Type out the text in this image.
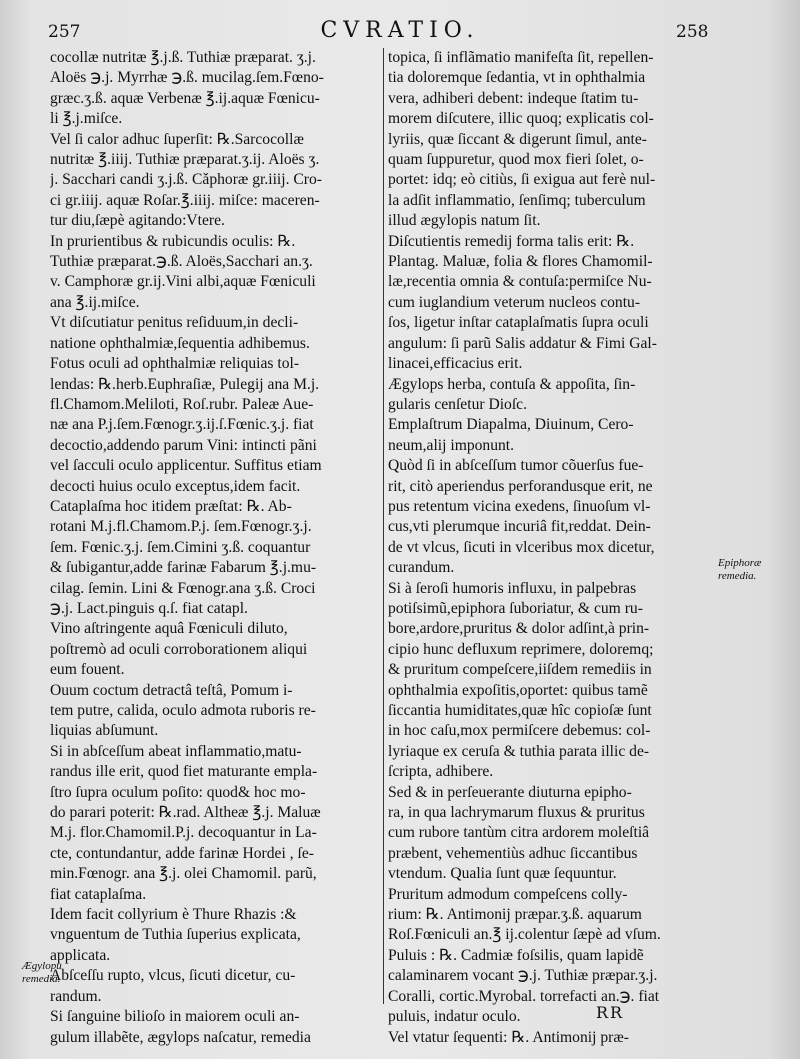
257	CVRATIO.	258
cocollæ nutritæ ℥.j.ß. Tuthiæ præparat. ʒ.j.
Aloës ℈.j. Myrrhæ ℈.ß. mucilag.ſem.Fœno-
græc.ʒ.ß. aquæ Verbenæ ℥.ij.aquæ Fœnicu-
li ℥.j.miſce.
Vel ſi calor adhuc ſuperſit: ℞.Sarcocollæ
nutritæ ℥.iiij. Tuthiæ præparat.ʒ.ij. Aloës ʒ.
j. Sacchari candi ʒ.j.ß. Cǎphoræ gr.iiij. Cro-
ci gr.iiij. aquæ Roſar.℥.iiij. miſce: maceren-
tur diu,ſæpè agitando:Vtere.
In prurientibus & rubicundis oculis: ℞.
Tuthiæ præparat.℈.ß. Aloës,Sacchari an.ʒ.
v. Camphoræ gr.ij.Vini albi,aquæ Fœniculi
ana ℥.ij.miſce.
Vt diſcutiatur penitus reſiduum,in decli-
natione ophthalmiæ,ſequentia adhibemus.
Fotus oculi ad ophthalmiæ reliquias tol-
lendas: ℞.herb.Euphraſiæ, Pulegij ana M.j.
fl.Chamom.Meliloti, Roſ.rubr. Paleæ Aue-
næ ana P.j.ſem.Fœnogr.ʒ.ij.ſ.Fœnic.ʒ.j. fiat
decoctio,addendo parum Vini: intincti pãni
vel ſacculi oculo applicentur. Suffitus etiam
decocti huius oculo exceptus,idem facit.
Cataplaſma hoc itidem præſtat: ℞. Ab-
rotani M.j.fl.Chamom.P.j. ſem.Fœnogr.ʒ.j.
ſem. Fœnic.ʒ.j. ſem.Cimini ʒ.ß. coquantur
& ſubigantur,adde farinæ Fabarum ℥.j.mu-
cilag. ſemin. Lini & Fœnogr.ana ʒ.ß. Croci
℈.j. Lact.pinguis q.ſ. fiat catapl.
Vino aſtringente aquâ Fœniculi diluto,
poſtremò ad oculi corroborationem aliqui
eum fouent.
Ouum coctum detractâ teſtâ, Pomum i-
tem putre, calida, oculo admota ruboris re-
liquias abſumunt.
Si in abſceſſum abeat inflammatio,matu-
randus ille erit, quod fiet maturante empla-
ſtro ſupra oculum poſito: quod& hoc mo-
do parari poterit: ℞.rad. Altheæ ℥.j. Maluæ
M.j. flor.Chamomil.P.j. decoquantur in La-
cte, contundantur, adde farinæ Hordei , ſe-
min.Fœnogr. ana ℥.j. olei Chamomil. parũ,
fiat cataplaſma.
Idem facit collyrium è Thure Rhazis :&
vnguentum de Tuthia ſuperius explicata,
applicata.
Abſceſſu rupto, vlcus, ſicuti dicetur, cu-
randum.
Si ſanguine bilioſo in maiorem oculi an-
gulum illabẽte, ægylops naſcatur, remedia
topica, ſi inflãmatio manifeſta ſit, repellen-
tia doloremque ſedantia, vt in ophthalmia
vera, adhiberi debent: indeque ſtatim tu-
morem diſcutere, illic quoq; explicatis col-
lyriis, quæ ſiccant & digerunt ſimul, ante-
quam ſuppuretur, quod mox fieri ſolet, o-
portet: idq; eò citiùs, ſi exigua aut ferè nul-
la adſit inflammatio, ſenſimq; tuberculum
illud ægylopis natum ſit.
Diſcutientis remedij forma talis erit: ℞.
Plantag. Maluæ, folia & flores Chamomil-
læ,recentia omnia & contuſa:permiſce Nu-
cum iuglandium veterum nucleos contu-
ſos, ligetur inſtar cataplaſmatis ſupra oculi
angulum: ſi parũ Salis addatur & Fimi Gal-
linacei,efficacius erit.
Ægylops herba, contuſa & appoſita, ſin-
gularis cenſetur Dioſc.
Emplaſtrum Diapalma, Diuinum, Cero-
neum,alij imponunt.
Quòd ſi in abſceſſum tumor cõuerſus fue-
rit, citò aperiendus perforandusque erit, ne
pus retentum vicina exedens, ſinuoſum vl-
cus,vti plerumque incuriâ fit,reddat. Dein-
de vt vlcus, ſicuti in vlceribus mox dicetur,
curandum.
Si à ſeroſi humoris influxu, in palpebras
potiſsimũ,epiphora ſuboriatur, & cum ru-
bore,ardore,pruritus & dolor adſint,à prin-
cipio hunc defluxum reprimere, doloremq;
& pruritum compeſcere,iiſdem remediis in
ophthalmia expoſitis,oportet: quibus tamẽ
ſiccantia humiditates,quæ hîc copioſæ ſunt
in hoc caſu,mox permiſcere debemus: col-
lyriaque ex ceruſa & tuthia parata illic de-
ſcripta, adhibere.
Sed & in perſeuerante diuturna epipho-
ra, in qua lachrymarum fluxus & pruritus
cum rubore tantùm citra ardorem moleſtiâ
præbent, vehementiùs adhuc ſiccantibus
vtendum. Qualia ſunt quæ ſequuntur.
Pruritum admodum compeſcens colly-
rium: ℞. Antimonij præpar.ʒ.ß. aquarum
Roſ.Fœniculi an.℥ ij.colentur ſæpè ad vſum.
Puluis : ℞. Cadmiæ foſsilis, quam lapidẽ
calaminarem vocant ℈.j. Tuthiæ præpar.ʒ.j.
Coralli, cortic.Myrobal. torrefacti an.℈. fiat
puluis, indatur oculo.
Vel vtatur ſequenti: ℞. Antimonij præ-
Ægylopu remedia.
Epiphoræ remedia.
RR
